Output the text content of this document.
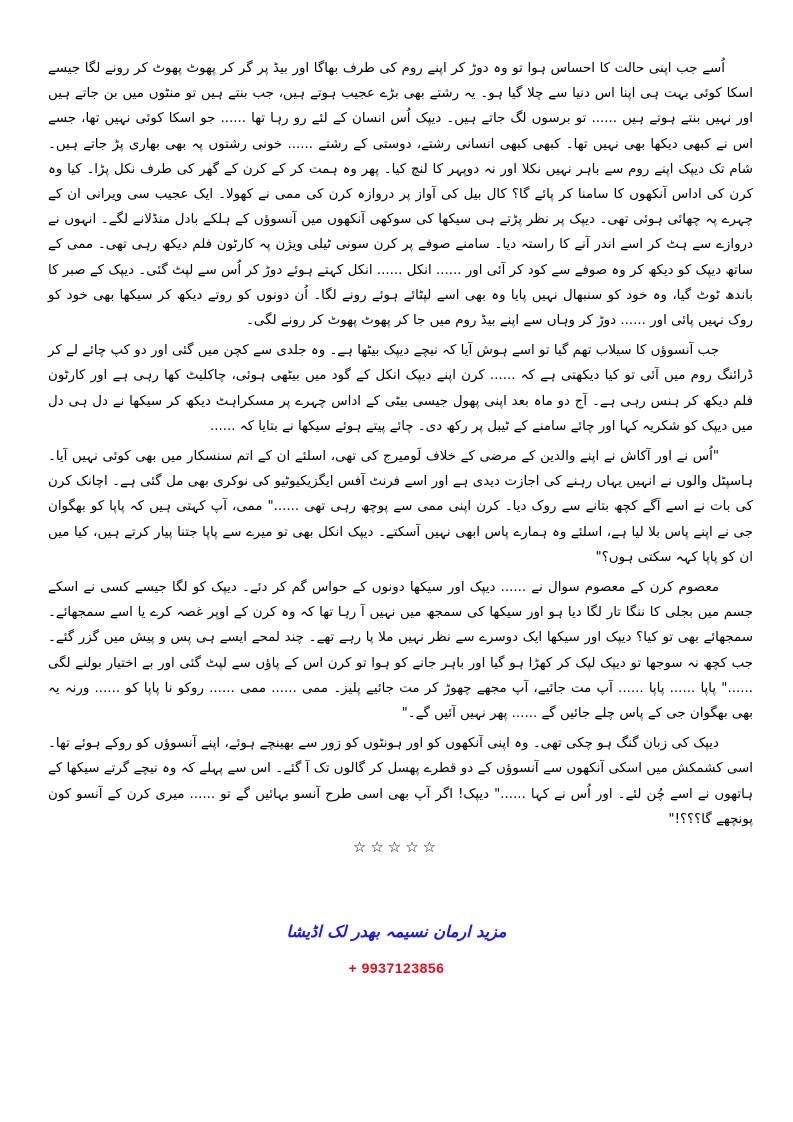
اُسے جب اپنی حالت کا احساس ہوا تو وہ دوڑ کر اپنے روم کی طرف بھاگا اور بیڈ پر گر کر پھوٹ پھوٹ کر رونے لگا جیسے اسکا کوئی بہت ہی اپنا اس دنیا سے چلا گیا ہو۔ یہ رشتے بھی بڑے عجیب ہوتے ہیں، جب بنتے ہیں تو منٹوں میں بن جاتے ہیں اور نہیں بنتے ہوتے ہیں ...... تو برسوں لگ جاتے ہیں۔ دیپک اُس انسان کے لئے رو رہا تھا ...... جو اسکا کوئی نہیں تھا، جسے اس نے کبھی دیکھا بھی نہیں تھا۔ کبھی کبھی انسانی رشتے، دوستی کے رشتے ...... خونی رشتوں پہ بھی بھاری پڑ جاتے ہیں۔ شام تک دیپک اپنے روم سے باہر نہیں نکلا اور نہ دوپہر کا لنچ کیا۔ پھر وہ ہمت کر کے کرن کے گھر کی طرف نکل پڑا۔ کیا وہ کرن کی اداس آنکھوں کا سامنا کر پائے گا؟ کال بیل کی آواز پر دروازہ کرن کی ممی نے کھولا۔ ایک عجیب سی ویرانی ان کے چہرے پہ چھائی ہوئی تھی۔ دیپک پر نظر پڑتے ہی سیکھا کی سوکھی آنکھوں میں آنسوؤں کے ہلکے بادل منڈلانے لگے۔ انہوں نے دروازے سے ہٹ کر اسے اندر آنے کا راستہ دیا۔ سامنے صوفے پر کرن سونی ٹیلی ویژن پہ کارٹون فلم دیکھ رہی تھی۔ ممی کے ساتھ دیپک کو دیکھ کر وہ صوفے سے کود کر آئی اور ...... انکل ...... انکل کہتے ہوئے دوڑ کر اُس سے لپٹ گئی۔ دیپک کے صبر کا باندھ ٹوٹ گیا، وہ خود کو سنبھال نہیں پایا وہ بھی اسے لپٹائے ہوئے رونے لگا۔ اُن دونوں کو روتے دیکھ کر سیکھا بھی خود کو روک نہیں پائی اور ...... دوڑ کر وہاں سے اپنے بیڈ روم میں جا کر پھوٹ پھوٹ کر رونے لگی۔

جب آنسوؤں کا سیلاب تھم گیا تو اسے ہوش آیا کہ نیچے دیپک بیٹھا ہے۔ وہ جلدی سے کچن میں گئی اور دو کپ چائے لے کر ڈرائنگ روم میں آئی تو کیا دیکھتی ہے کہ ...... کرن اپنے دیپک انکل کے گود میں بیٹھی ہوئی، چاکلیٹ کھا رہی ہے اور کارٹون فلم دیکھ کر ہنس رہی ہے۔ آج دو ماہ بعد اپنی پھول جیسی بیٹی کے اداس چہرے پر مسکراہٹ دیکھ کر سیکھا نے دل ہی دل میں دیپک کو شکریہ کہا اور چائے سامنے کے ٹیبل پر رکھ دی۔ چائے پیتے ہوئے سیکھا نے بتایا کہ ......

"اُس نے اور آکاش نے اپنے والدین کے مرضی کے خلاف لَومیرج کی تھی، اسلئے ان کے اتم سنسکار میں بھی کوئی نہیں آیا۔ ہاسپٹل والوں نے انہیں یہاں رہنے کی اجازت دیدی ہے اور اسے فرنٹ آفس ایگزیکیوٹیو کی نوکری بھی مل گئی ہے۔ اچانک کرن کی بات نے اسے آگے کچھ بتانے سے روک دیا۔ کرن اپنی ممی سے پوچھ رہی تھی ......" ممی، آپ کہتی ہیں کہ پاپا کو بھگوان جی نے اپنے پاس بلا لیا ہے، اسلئے وہ ہمارے پاس ابھی نہیں آسکتے۔ دیپک انکل بھی تو میرے سے پاپا جتنا پیار کرتے ہیں، کیا میں ان کو پاپا کہہ سکتی ہوں؟"

معصوم کرن کے معصوم سوال نے ...... دیپک اور سیکھا دونوں کے حواس گم کر دئے۔ دیپک کو لگا جیسے کسی نے اسکے جسم میں بجلی کا ننگا تار لگا دیا ہو اور سیکھا کی سمجھ میں نہیں آ رہا تھا کہ وہ کرن کے اوپر غصہ کرے یا اسے سمجھائے۔ سمجھائے بھی تو کیا؟ دیپک اور سیکھا ایک دوسرے سے نظر نہیں ملا پا رہے تھے۔ چند لمحے ایسے ہی پس و پیش میں گزر گئے۔ جب کچھ نہ سوجھا تو دیپک لپک کر کھڑا ہو گیا اور باہر جانے کو ہوا تو کرن اس کے پاؤں سے لپٹ گئی اور بے اختیار بولنے لگی ......" پاپا ...... پاپا ...... آپ مت جائیے، آپ مجھے چھوڑ کر مت جائیے پلیز۔ ممی ...... ممی ...... روکو نا پاپا کو ...... ورنہ یہ بھی بھگوان جی کے پاس چلے جائیں گے ...... پھر نہیں آئیں گے۔"

دیپک کی زبان گنگ ہو چکی تھی۔ وہ اپنی آنکھوں کو اور ہونٹوں کو زور سے بھینچے ہوئے، اپنے آنسوؤں کو روکے ہوئے تھا۔ اسی کشمکش میں اسکی آنکھوں سے آنسوؤں کے دو قطرے پھسل کر گالوں تک آ گئے۔ اس سے پہلے کہ وہ نیچے گرتے سیکھا کے ہاتھوں نے اسے چُن لئے۔ اور اُس نے کہا ......" دیپک! اگر آپ بھی اسی طرح آنسو بہائیں گے تو ...... میری کرن کے آنسو کون پونچھے گا؟؟؟!"

☆☆☆☆☆
مزید ارمان نسیمہ بھدر لک اڈیشا
+ 9937123856
